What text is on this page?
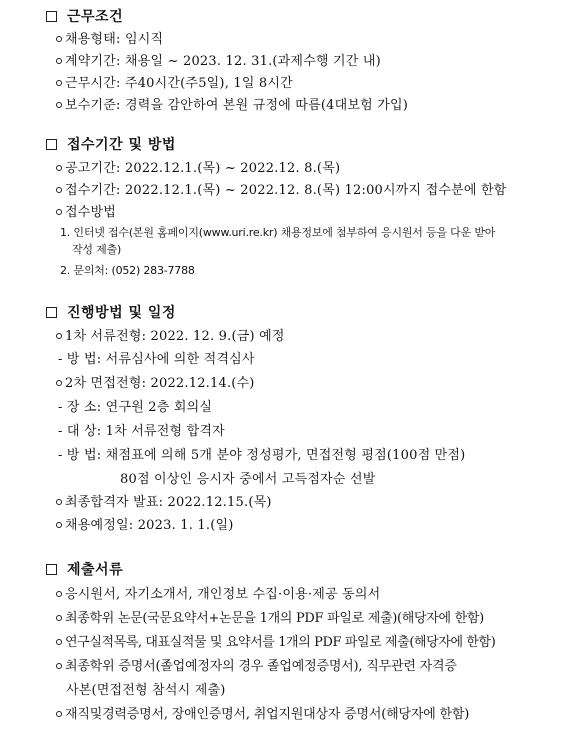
근무조건
채용형태: 임시직
계약기간: 채용일 ~ 2023. 12. 31.(과제수행 기간 내)
근무시간: 주40시간(주5일), 1일 8시간
보수기준: 경력을 감안하여 본원 규정에 따름(4대보험 가입)
접수기간 및 방법
공고기간: 2022.12.1.(목) ~ 2022.12. 8.(목)
접수기간: 2022.12.1.(목) ~ 2022.12. 8.(목) 12:00시까지 접수분에 한함
접수방법
1. 인터넷 접수(본원 홈페이지(www.uri.re.kr) 채용정보에 첨부하여 응시원서 등을 다운 받아
작성 제출)
2. 문의처: (052) 283-7788
진행방법 및 일정
1차 서류전형: 2022. 12. 9.(금) 예정
- 방 법: 서류심사에 의한 적격심사
2차 면접전형: 2022.12.14.(수)
- 장 소: 연구원 2층 회의실
- 대 상: 1차 서류전형 합격자
- 방 법: 채점표에 의해 5개 분야 정성평가, 면접전형 평점(100점 만점)
80점 이상인 응시자 중에서 고득점자순 선발
최종합격자 발표: 2022.12.15.(목)
채용예정일: 2023. 1. 1.(일)
제출서류
응시원서, 자기소개서, 개인정보 수집·이용·제공 동의서
최종학위 논문(국문요약서+논문을 1개의 PDF 파일로 제출)(해당자에 한함)
연구실적목록, 대표실적물 및 요약서를 1개의 PDF 파일로 제출(해당자에 한함)
최종학위 증명서(졸업예정자의 경우 졸업예정증명서), 직무관련 자격증
사본(면접전형 참석시 제출)
재직및경력증명서, 장애인증명서, 취업지원대상자 증명서(해당자에 한함)
